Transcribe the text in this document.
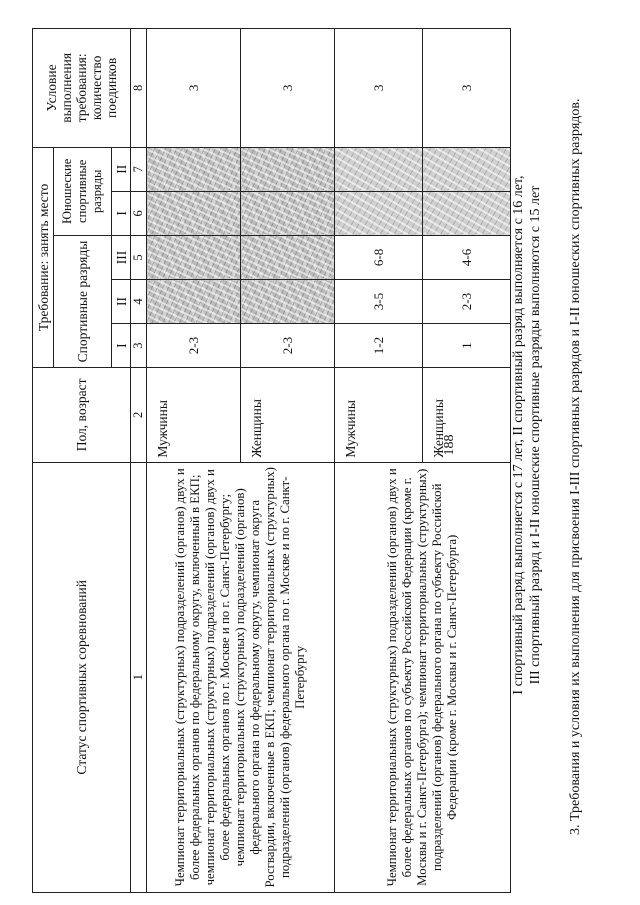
188	3. Требования и условия их выполнения для присвоения I-III спортивных разрядов и I-II юношеских спортивных разрядов.
I спортивный разряд выполняется с 17 лет, II спортивный разряд выполняется с 16 лет, III спортивный разряд и I-II юношеские спортивные разряды выполняются с 15 лет
Статус спортивных соревнований	Пол, возраст	Требование: занять место					Условие выполнения требования: количество поединков
		Спортивные разряды			Юношеские спортивные разряды		
		I	II	III	I	II	
1	2	3	4	5	6	7	8
Чемпионат территориальных (структурных) подразделений (органов) двух и более федеральных органов по федеральному округу, включенный в ЕКП; чемпионат территориальных (структурных) подразделений (органов) двух и более федеральных органов по г. Москве и по г. Санкт-Петербургу; чемпионат территориальных (структурных) подразделений (органов) федерального органа по федеральному округу, чемпионат округа Росгвардии, включенные в ЕКП; чемпионат территориальных (структурных) подразделений (органов) федерального органа по г. Москве и по г. Санкт-Петербургу	Мужчины	2-3					3
	Женщины	2-3					3
Чемпионат территориальных (структурных) подразделений (органов) двух и более федеральных органов по субъекту Российской Федерации (кроме г. Москвы и г. Санкт-Петербурга); чемпионат территориальных (структурных) подразделений (органов) федерального органа по субъекту Российской Федерации (кроме г. Москвы и г. Санкт-Петербурга)	Мужчины	1-2	3-5	6-8			3
	Женщины	1	2-3	4-6			3
